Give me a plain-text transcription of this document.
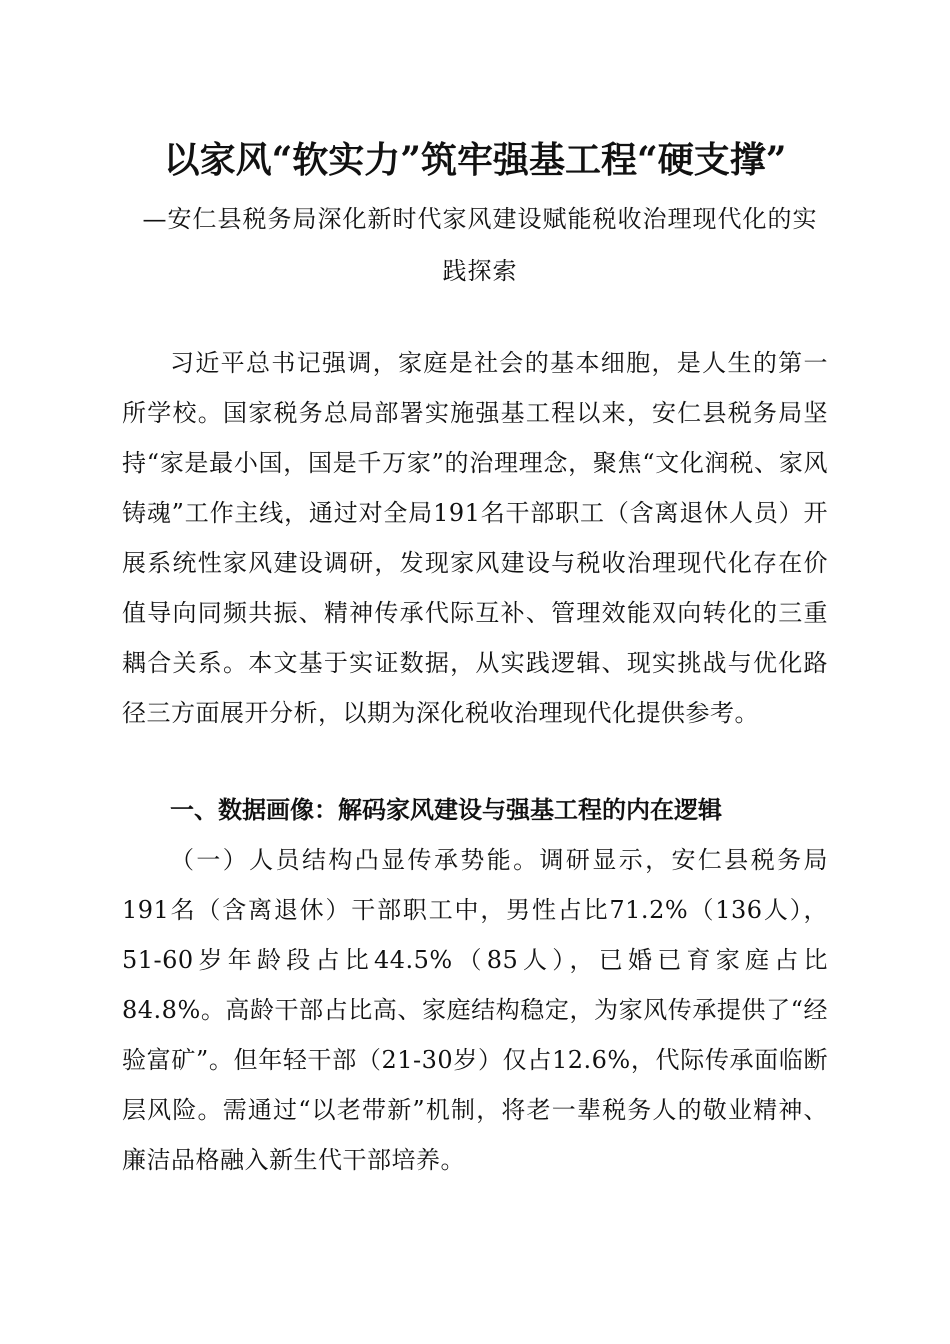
以家风“软实力”筑牢强基工程“硬支撑”
—安仁县税务局深化新时代家风建设赋能税收治理现代化的实践探索

习近平总书记强调，家庭是社会的基本细胞，是人生的第一所学校。国家税务总局部署实施强基工程以来，安仁县税务局坚持“家是最小国，国是千万家”的治理理念，聚焦“文化润税、家风铸魂”工作主线，通过对全局191名干部职工（含离退休人员）开展系统性家风建设调研，发现家风建设与税收治理现代化存在价值导向同频共振、精神传承代际互补、管理效能双向转化的三重耦合关系。本文基于实证数据，从实践逻辑、现实挑战与优化路径三方面展开分析，以期为深化税收治理现代化提供参考。

一、数据画像：解码家风建设与强基工程的内在逻辑

（一）人员结构凸显传承势能。调研显示，安仁县税务局191名（含离退休）干部职工中，男性占比71.2%（136人），51-60岁年龄段占比44.5%（85人），已婚已育家庭占比84.8%。高龄干部占比高、家庭结构稳定，为家风传承提供了“经验富矿”。但年轻干部（21-30岁）仅占12.6%，代际传承面临断层风险。需通过“以老带新”机制，将老一辈税务人的敬业精神、廉洁品格融入新生代干部培养。
